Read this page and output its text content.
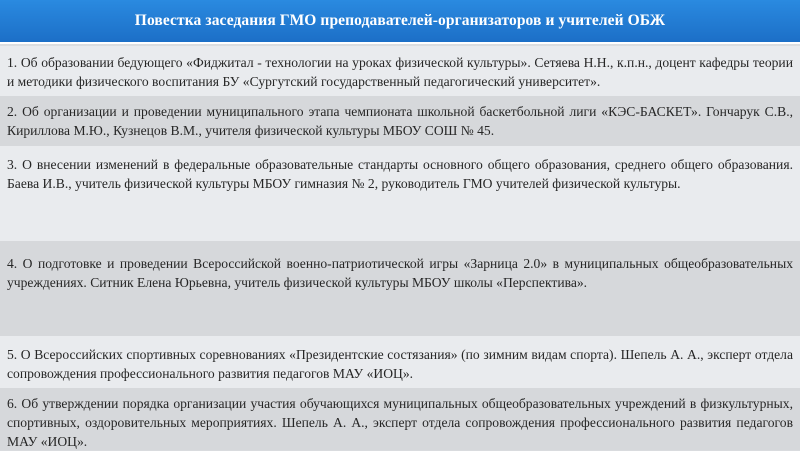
Повестка заседания ГМО преподавателей-организаторов и учителей ОБЖ

1. Об образовании бедующего «Фиджитал - технологии на уроках физической культуры». Сетяева Н.Н., к.п.н., доцент кафедры теории и методики физического воспитания БУ «Сургутский государственный педагогический университет».

2. Об организации и проведении муниципального этапа чемпионата школьной баскетбольной лиги «КЭС-БАСКЕТ». Гончарук С.В., Кириллова М.Ю., Кузнецов В.М., учителя физической культуры МБОУ СОШ № 45.

3. О внесении изменений в федеральные образовательные стандарты основного общего образования, среднего общего образования. Баева И.В., учитель физической культуры МБОУ гимназия № 2, руководитель ГМО учителей физической культуры.

4. О подготовке и проведении Всероссийской военно-патриотической игры «Зарница 2.0» в муниципальных общеобразовательных учреждениях. Ситник Елена Юрьевна, учитель физической культуры МБОУ школы «Перспектива».

5. О Всероссийских спортивных соревнованиях «Президентские состязания» (по зимним видам спорта). Шепель А. А., эксперт отдела сопровождения профессионального развития педагогов МАУ «ИОЦ».

6. Об утверждении порядка организации участия обучающихся муниципальных общеобразовательных учреждений в физкультурных, спортивных, оздоровительных мероприятиях. Шепель А. А., эксперт отдела сопровождения профессионального развития педагогов МАУ «ИОЦ».
